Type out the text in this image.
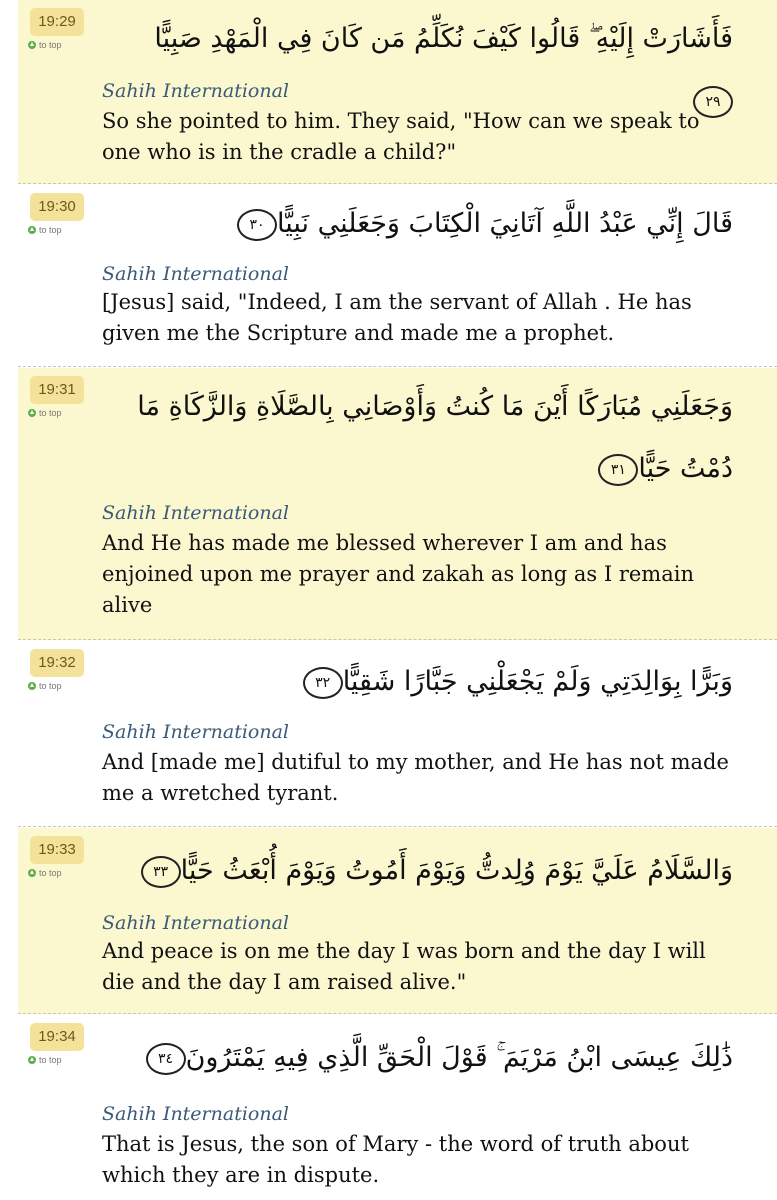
19:29
to top	فَأَشَارَتْ إِلَيْهِ ۖ قَالُوا كَيْفَ نُكَلِّمُ مَن كَانَ فِي الْمَهْدِ صَبِيًّا٢٩
Sahih International
So she pointed to him. They said, "How can we speak to one who is in the cradle a child?"
19:30
to top	قَالَ إِنِّي عَبْدُ اللَّهِ آتَانِيَ الْكِتَابَ وَجَعَلَنِي نَبِيًّا٣٠
Sahih International
[Jesus] said, "Indeed, I am the servant of Allah . He has given me the Scripture and made me a prophet.
19:31
to top	وَجَعَلَنِي مُبَارَكًا أَيْنَ مَا كُنتُ وَأَوْصَانِي بِالصَّلَاةِ وَالزَّكَاةِ مَا دُمْتُ حَيًّا٣١
Sahih International
And He has made me blessed wherever I am and has enjoined upon me prayer and zakah as long as I remain alive
19:32
to top	وَبَرًّا بِوَالِدَتِي وَلَمْ يَجْعَلْنِي جَبَّارًا شَقِيًّا٣٢
Sahih International
And [made me] dutiful to my mother, and He has not made me a wretched tyrant.
19:33
to top	وَالسَّلَامُ عَلَيَّ يَوْمَ وُلِدتُّ وَيَوْمَ أَمُوتُ وَيَوْمَ أُبْعَثُ حَيًّا٣٣
Sahih International
And peace is on me the day I was born and the day I will die and the day I am raised alive."
19:34
to top	ذَٰلِكَ عِيسَى ابْنُ مَرْيَمَ ۚ قَوْلَ الْحَقِّ الَّذِي فِيهِ يَمْتَرُونَ٣٤
Sahih International
That is Jesus, the son of Mary - the word of truth about which they are in dispute.
